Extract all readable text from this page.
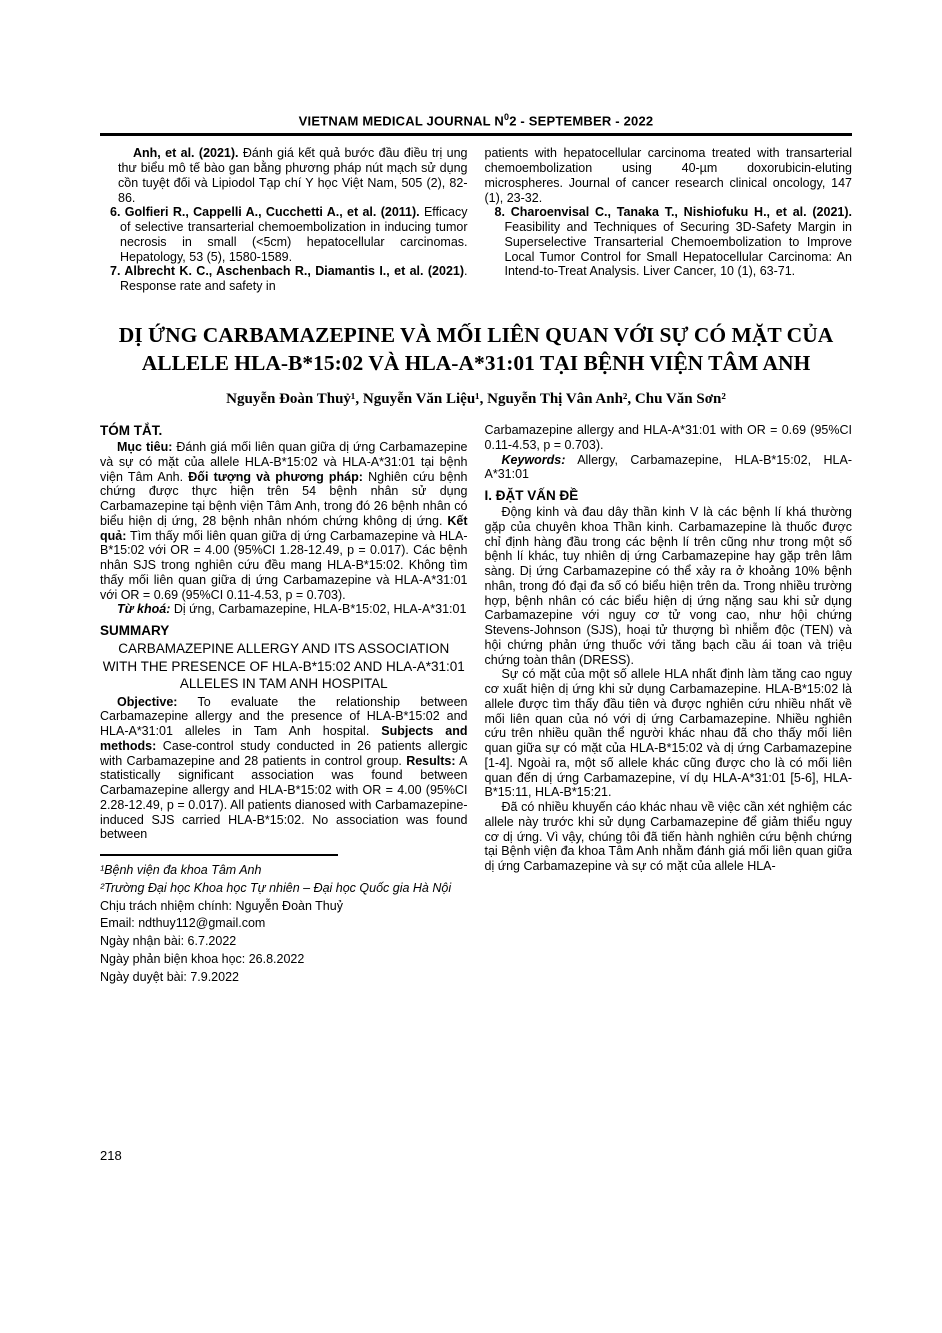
VIETNAM MEDICAL JOURNAL $N^02$ - SEPTEMBER - 2022

Anh, et al. (2021). Đánh giá kết quả bước đầu điều trị ung thư biểu mô tế bào gan bằng phương pháp nút mạch sử dụng cồn tuyệt đối và Lipiodol Tạp chí Y học Việt Nam, 505 (2), 82-86.

6. Golfieri R., Cappelli A., Cucchetti A., et al. (2011). Efficacy of selective transarterial chemoembolization in inducing tumor necrosis in small (<5cm) hepatocellular carcinomas. Hepatology, 53 (5), 1580-1589.

7. Albrecht K. C., Aschenbach R., Diamantis I., et al. (2021). Response rate and safety in

patients with hepatocellular carcinoma treated with transarterial chemoembolization using 40-µm doxorubicin-eluting microspheres. Journal of cancer research clinical oncology, 147 (1), 23-32.

8. Charoenvisal C., Tanaka T., Nishiofuku H., et al. (2021). Feasibility and Techniques of Securing 3D-Safety Margin in Superselective Transarterial Chemoembolization to Improve Local Tumor Control for Small Hepatocellular Carcinoma: An Intend-to-Treat Analysis. Liver Cancer, 10 (1), 63-71.

DỊ ỨNG CARBAMAZEPINE VÀ MỐI LIÊN QUAN VỚI SỰ CÓ MẶT CỦA
ALLELE HLA-B*15:02 VÀ HLA-A*31:01 TẠI BỆNH VIỆN TÂM ANH
Nguyễn Đoàn Thuỷ¹, Nguyễn Văn Liệu¹, Nguyễn Thị Vân Anh², Chu Văn Sơn²
TÓM TẮT.

Mục tiêu: Đánh giá mối liên quan giữa dị ứng Carbamazepine và sự có mặt của allele HLA-B*15:02 và HLA-A*31:01 tại bệnh viện Tâm Anh. Đối tượng và phương pháp: Nghiên cứu bệnh chứng được thực hiện trên 54 bệnh nhân sử dụng Carbamazepine tại bệnh viện Tâm Anh, trong đó 26 bệnh nhân có biểu hiện dị ứng, 28 bệnh nhân nhóm chứng không dị ứng. Kết quả: Tìm thấy mối liên quan giữa dị ứng Carbamazepine và HLA-B*15:02 với OR = 4.00 (95%CI 1.28-12.49, p = 0.017). Các bệnh nhân SJS trong nghiên cứu đều mang HLA-B*15:02. Không tìm thấy mối liên quan giữa dị ứng Carbamazepine và HLA-A*31:01 với OR = 0.69 (95%CI 0.11-4.53, p = 0.703).

Từ khoá: Dị ứng, Carbamazepine, HLA-B*15:02, HLA-A*31:01

SUMMARY
CARBAMAZEPINE ALLERGY AND ITS ASSOCIATION WITH THE PRESENCE OF HLA-B*15:02 AND HLA-A*31:01 ALLELES IN TAM ANH HOSPITAL

Objective: To evaluate the relationship between Carbamazepine allergy and the presence of HLA-B*15:02 and HLA-A*31:01 alleles in Tam Anh hospital. Subjects and methods: Case-control study conducted in 26 patients allergic with Carbamazepine and 28 patients in control group. Results: A statistically significant association was found between Carbamazepine allergy and HLA-B*15:02 with OR = 4.00 (95%CI 2.28-12.49, p = 0.017). All patients dianosed with Carbamazepine-induced SJS carried HLA-B*15:02. No association was found between

¹Bệnh viện đa khoa Tâm Anh

²Trường Đại học Khoa học Tự nhiên – Đại học Quốc gia Hà Nội

Chịu trách nhiệm chính: Nguyễn Đoàn Thuỷ

Email: ndthuy112@gmail.com

Ngày nhận bài: 6.7.2022

Ngày phản biện khoa học: 26.8.2022

Ngày duyệt bài: 7.9.2022

Carbamazepine allergy and HLA-A*31:01 with OR = 0.69 (95%CI 0.11-4.53, p = 0.703).

Keywords: Allergy, Carbamazepine, HLA-B*15:02, HLA-A*31:01

I. ĐẶT VẤN ĐỀ

Động kinh và đau dây thần kinh V là các bệnh lí khá thường gặp của chuyên khoa Thần kinh. Carbamazepine là thuốc được chỉ định hàng đầu trong các bệnh lí trên cũng như trong một số bệnh lí khác, tuy nhiên dị ứng Carbamazepine hay gặp trên lâm sàng. Dị ứng Carbamazepine có thể xảy ra ở khoảng 10% bệnh nhân, trong đó đại đa số có biểu hiện trên da. Trong nhiều trường hợp, bệnh nhân có các biểu hiện dị ứng nặng sau khi sử dụng Carbamazepine với nguy cơ tử vong cao, như hội chứng Stevens-Johnson (SJS), hoại tử thượng bì nhiễm độc (TEN) và hội chứng phản ứng thuốc với tăng bạch cầu ái toan và triệu chứng toàn thân (DRESS).

Sự có mặt của một số allele HLA nhất định làm tăng cao nguy cơ xuất hiện dị ứng khi sử dụng Carbamazepine. HLA-B*15:02 là allele được tìm thấy đầu tiên và được nghiên cứu nhiều nhất về mối liên quan của nó với dị ứng Carbamazepine. Nhiều nghiên cứu trên nhiều quần thể người khác nhau đã cho thấy mối liên quan giữa sự có mặt của HLA-B*15:02 và dị ứng Carbamazepine [1-4]. Ngoài ra, một số allele khác cũng được cho là có mối liên quan đến dị ứng Carbamazepine, ví dụ HLA-A*31:01 [5-6], HLA-B*15:11, HLA-B*15:21.

Đã có nhiều khuyến cáo khác nhau về việc cần xét nghiệm các allele này trước khi sử dụng Carbamazepine để giảm thiểu nguy cơ dị ứng. Vì vậy, chúng tôi đã tiến hành nghiên cứu bệnh chứng tại Bệnh viện đa khoa Tâm Anh nhằm đánh giá mối liên quan giữa dị ứng Carbamazepine và sự có mặt của allele HLA-

218
